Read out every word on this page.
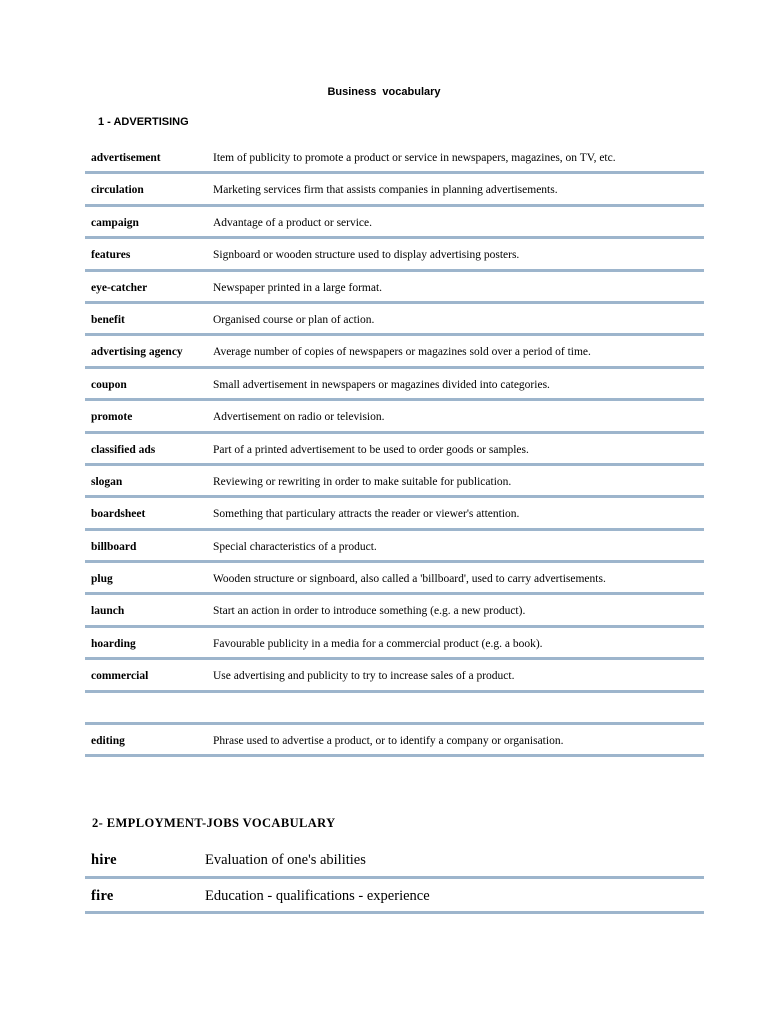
Business vocabulary
1 - ADVERTISING
advertisement	Item of publicity to promote a product or service in newspapers, magazines, on TV, etc.
circulation	Marketing services firm that assists companies in planning advertisements.
campaign	Advantage of a product or service.
features	Signboard or wooden structure used to display advertising posters.
eye-catcher	Newspaper printed in a large format.
benefit	Organised course or plan of action.
advertising agency	Average number of copies of newspapers or magazines sold over a period of time.
coupon	Small advertisement in newspapers or magazines divided into categories.
promote	Advertisement on radio or television.
classified ads	Part of a printed advertisement to be used to order goods or samples.
slogan	Reviewing or rewriting in order to make suitable for publication.
boardsheet	Something that particulary attracts the reader or viewer's attention.
billboard	Special characteristics of a product.
plug	Wooden structure or signboard, also called a 'billboard', used to carry advertisements.
launch	Start an action in order to introduce something (e.g. a new product).
hoarding	Favourable publicity in a media for a commercial product (e.g. a book).
commercial	Use advertising and publicity to try to increase sales of a product.
editing	Phrase used to advertise a product, or to identify a company or organisation.
2- EMPLOYMENT-JOBS VOCABULARY
hire	Evaluation of one's abilities
fire	Education - qualifications - experience
